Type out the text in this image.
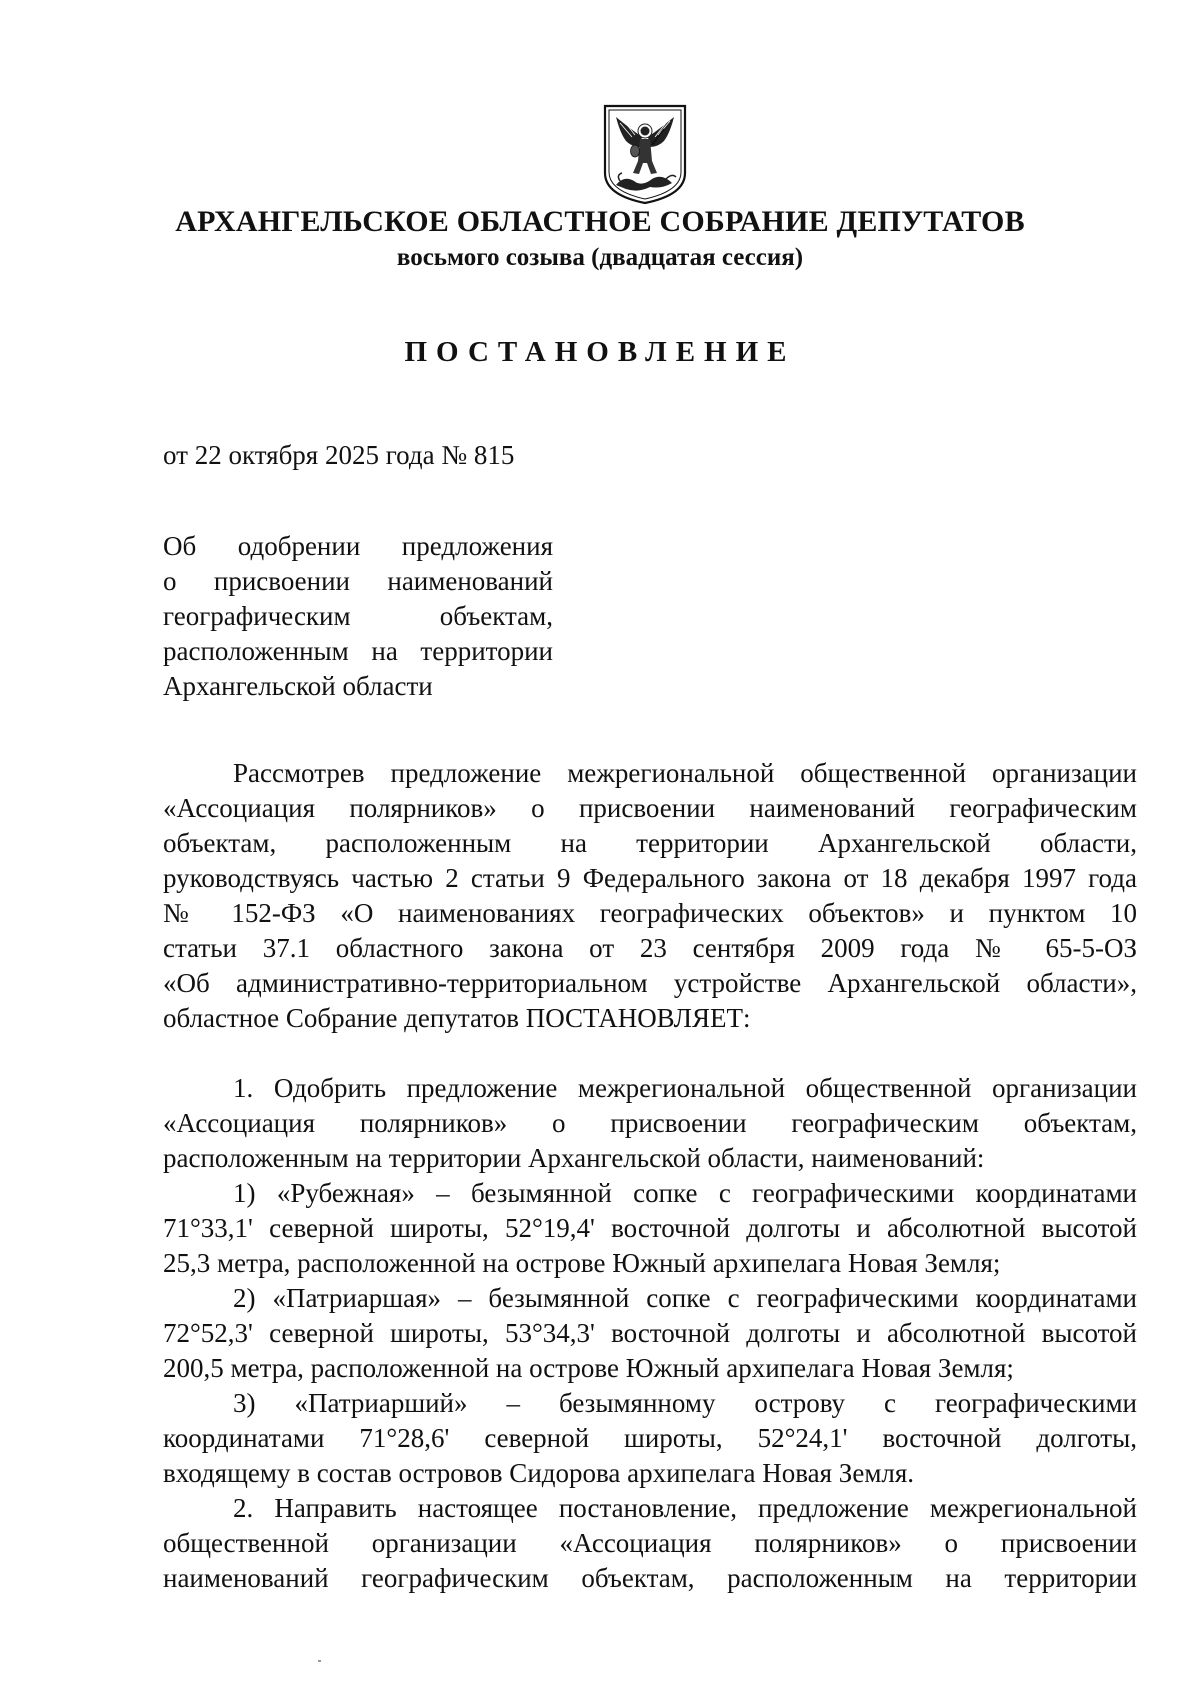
АРХАНГЕЛЬСКОЕ ОБЛАСТНОЕ СОБРАНИЕ ДЕПУТАТОВ
восьмого созыва (двадцатая сессия)
ПОСТАНОВЛЕНИЕ
от 22 октября 2025 года № 815
Об одобрении предложения
о присвоении наименований
географическим объектам,
расположенным на территории
Архангельской области
Рассмотрев предложение межрегиональной общественной организации
«Ассоциация полярников» о присвоении наименований географическим
объектам, расположенным на территории Архангельской области,
руководствуясь частью 2 статьи 9 Федерального закона от 18 декабря 1997 года
№ 152-ФЗ «О наименованиях географических объектов» и пунктом 10
статьи 37.1 областного закона от 23 сентября 2009 года № 65-5-ОЗ
«Об административно-территориальном устройстве Архангельской области»,
областное Собрание депутатов ПОСТАНОВЛЯЕТ:
1. Одобрить предложение межрегиональной общественной организации
«Ассоциация полярников» о присвоении географическим объектам,
расположенным на территории Архангельской области, наименований:
1) «Рубежная» – безымянной сопке с географическими координатами
71°33,1' северной широты, 52°19,4' восточной долготы и абсолютной высотой
25,3 метра, расположенной на острове Южный архипелага Новая Земля;
2) «Патриаршая» – безымянной сопке с географическими координатами
72°52,3' северной широты, 53°34,3' восточной долготы и абсолютной высотой
200,5 метра, расположенной на острове Южный архипелага Новая Земля;
3) «Патриарший» – безымянному острову с географическими
координатами 71°28,6' северной широты, 52°24,1' восточной долготы,
входящему в состав островов Сидорова архипелага Новая Земля.
2. Направить настоящее постановление, предложение межрегиональной
общественной организации «Ассоциация полярников» о присвоении
наименований географическим объектам, расположенным на территории
